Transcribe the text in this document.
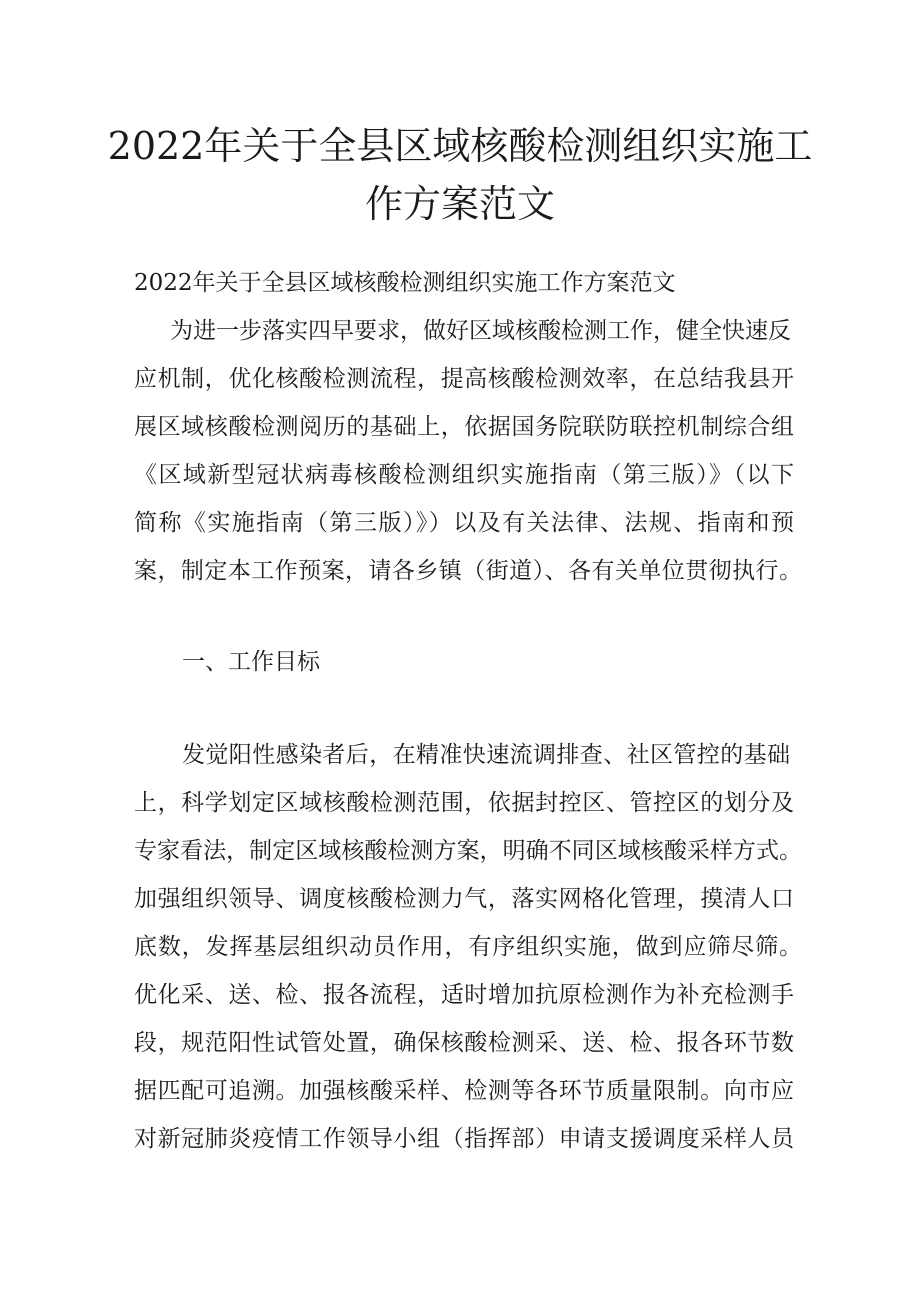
2022年关于全县区域核酸检测组织实施工
作方案范文

2022年关于全县区域核酸检测组织实施工作方案范文

为进一步落实四早要求，做好区域核酸检测工作，健全快速反

应机制，优化核酸检测流程，提高核酸检测效率，在总结我县开

展区域核酸检测阅历的基础上，依据国务院联防联控机制综合组

《区域新型冠状病毒核酸检测组织实施指南（第三版）》（以下

简称《实施指南（第三版）》）以及有关法律、法规、指南和预

案，制定本工作预案，请各乡镇（街道）、各有关单位贯彻执行。

一、工作目标

发觉阳性感染者后，在精准快速流调排查、社区管控的基础

上，科学划定区域核酸检测范围，依据封控区、管控区的划分及

专家看法，制定区域核酸检测方案，明确不同区域核酸采样方式。

加强组织领导、调度核酸检测力气，落实网格化管理，摸清人口

底数，发挥基层组织动员作用，有序组织实施，做到应筛尽筛。

优化采、送、检、报各流程，适时增加抗原检测作为补充检测手

段，规范阳性试管处置，确保核酸检测采、送、检、报各环节数

据匹配可追溯。加强核酸采样、检测等各环节质量限制。向市应

对新冠肺炎疫情工作领导小组（指挥部）申请支援调度采样人员
